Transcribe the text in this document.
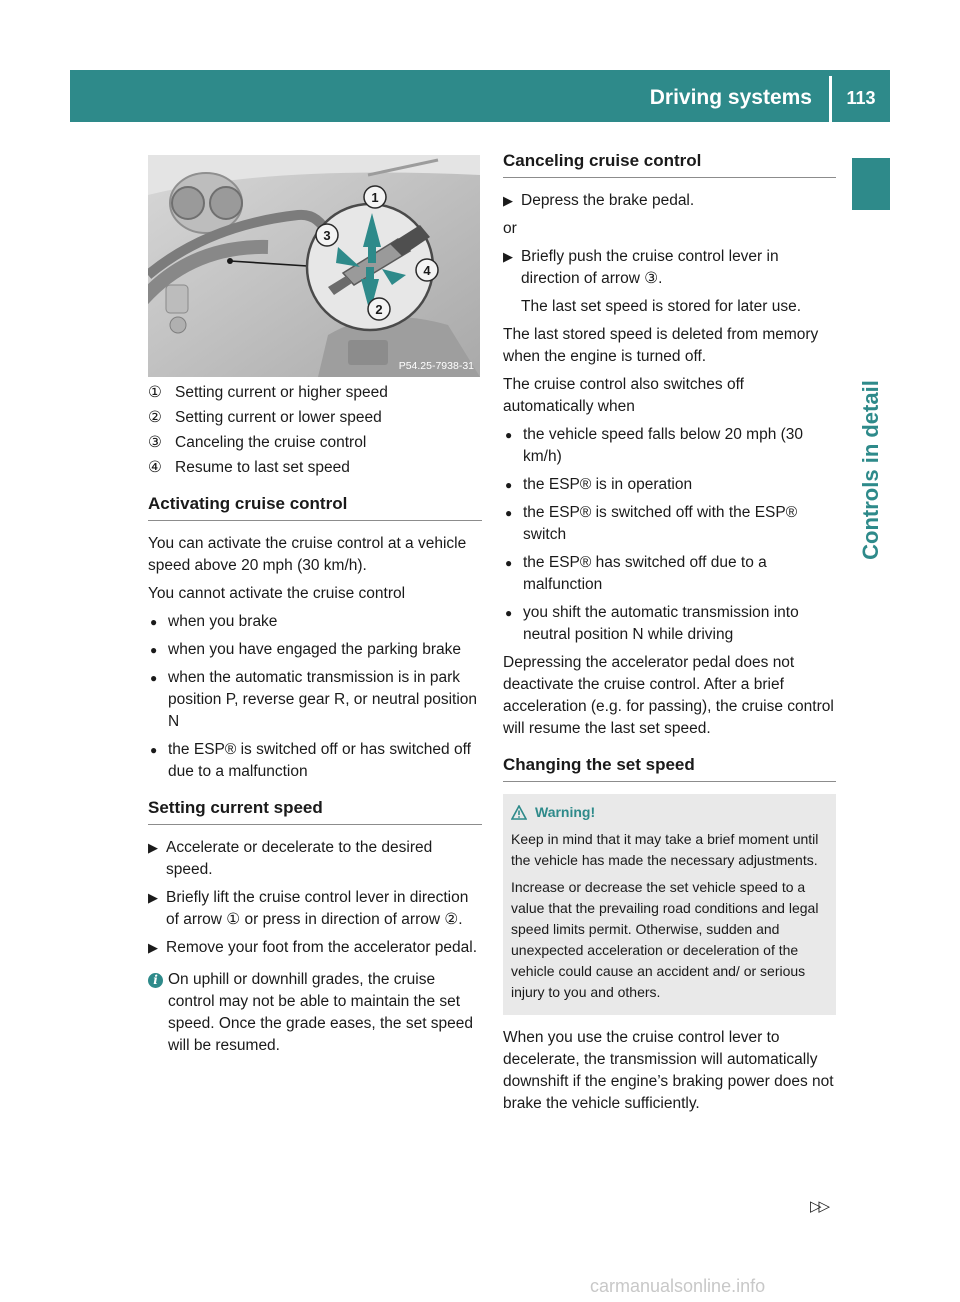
Driving systems	113
Controls in detail
1
3
4
2
P54.25-7938-31
① Setting current or higher speed
② Setting current or lower speed
③ Canceling the cruise control
④ Resume to last set speed
Activating cruise control

You can activate the cruise control at a vehicle speed above 20 mph (30 km/h).

You cannot activate the cruise control

● when you brake
● when you have engaged the parking brake
● when the automatic transmission is in park position P, reverse gear R, or neutral position N
● the ESP® is switched off or has switched off due to a malfunction
Setting current speed
▶ Accelerate or decelerate to the desired speed.
▶ Briefly lift the cruise control lever in direction of arrow ① or press in direction of arrow ②.
▶ Remove your foot from the accelerator pedal.
i On uphill or downhill grades, the cruise control may not be able to maintain the set speed. Once the grade eases, the set speed will be resumed.
Canceling cruise control
▶ Depress the brake pedal.

or

▶ Briefly push the cruise control lever in direction of arrow ③.

The last set speed is stored for later use.

The last stored speed is deleted from memory when the engine is turned off.

The cruise control also switches off automatically when

● the vehicle speed falls below 20 mph (30 km/h)
● the ESP® is in operation
● the ESP® is switched off with the ESP® switch
● the ESP® has switched off due to a malfunction
● you shift the automatic transmission into neutral position N while driving

Depressing the accelerator pedal does not deactivate the cruise control. After a brief acceleration (e.g. for passing), the cruise control will resume the last set speed.

Changing the set speed
Warning!

Keep in mind that it may take a brief moment until the vehicle has made the necessary adjustments.

Increase or decrease the set vehicle speed to a value that the prevailing road conditions and legal speed limits permit. Otherwise, sudden and unexpected acceleration or deceleration of the vehicle could cause an accident and/ or serious injury to you and others.

When you use the cruise control lever to decelerate, the transmission will automatically downshift if the engine’s braking power does not brake the vehicle sufficiently.

▷▷
carmanualsonline.info
